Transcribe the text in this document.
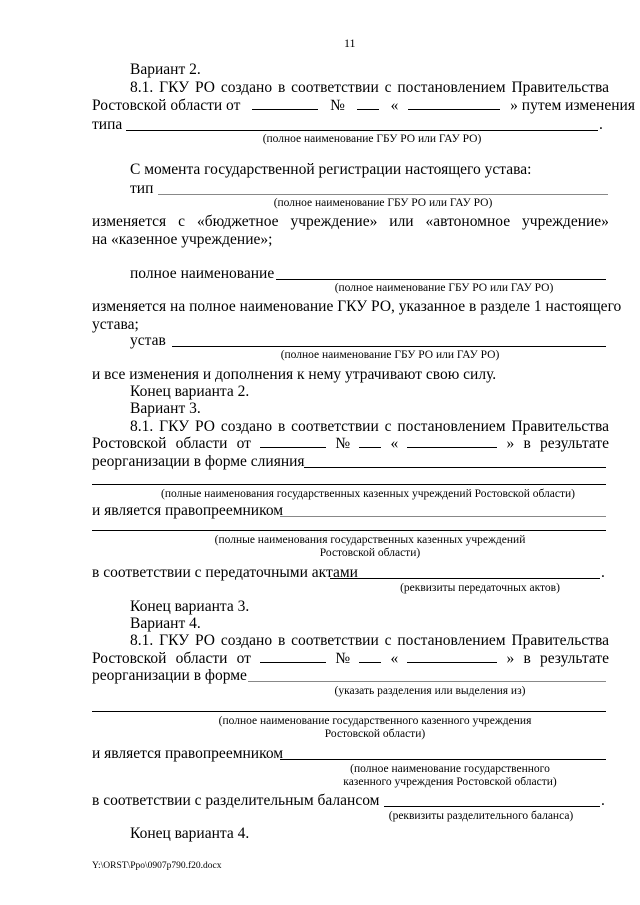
11
Вариант 2.
8.1. ГКУ РО создано в соответствии с постановлением Правительства
Ростовской области от	№	«	» путем изменения
типа	.
(полное наименование ГБУ РО или ГАУ РО)
С момента государственной регистрации настоящего устава:
тип
(полное наименование ГБУ РО или ГАУ РО)
изменяется с «бюджетное учреждение» или «автономное учреждение»
на «казенное учреждение»;
полное наименование
(полное наименование ГБУ РО или ГАУ РО)
изменяется на полное наименование ГКУ РО, указанное в разделе 1 настоящего
устава;
устав
(полное наименование ГБУ РО или ГАУ РО)
и все изменения и дополнения к нему утрачивают свою силу.
Конец варианта 2.
Вариант 3.
8.1. ГКУ РО создано в соответствии с постановлением Правительства
Ростовской области от	№	«	» в результате
реорганизации в форме слияния
(полные наименования государственных казенных учреждений Ростовской области)
и является правопреемником
(полные наименования государственных казенных учреждений
Ростовской области)
в соответствии с передаточными актами	.
(реквизиты передаточных актов)
Конец варианта 3.
Вариант 4.
8.1. ГКУ РО создано в соответствии с постановлением Правительства
Ростовской области от	№	«	» в результате
реорганизации в форме
(указать разделения или выделения из)
(полное наименование государственного казенного учреждения
Ростовской области)
и является правопреемником
(полное наименование государственного
казенного учреждения Ростовской области)
в соответствии с разделительным балансом	.
(реквизиты разделительного баланса)
Конец варианта 4.
Y:\ORST\Ppo\0907p790.f20.docx
